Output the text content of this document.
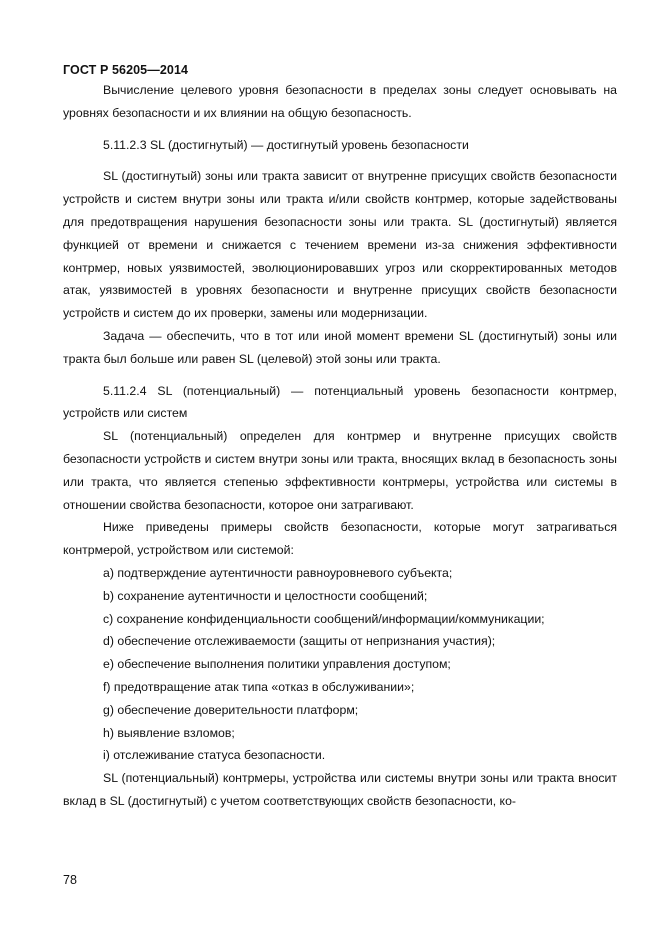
ГОСТ Р 56205—2014

Вычисление целевого уровня безопасности в пределах зоны следует основывать на уровнях безопасности и их влиянии на общую безопасность.

5.11.2.3 SL (достигнутый) — достигнутый уровень безопасности

SL (достигнутый) зоны или тракта зависит от внутренне присущих свойств безопасности устройств и систем внутри зоны или тракта и/или свойств контрмер, которые задействованы для предотвращения нарушения безопасности зоны или тракта. SL (достигнутый) является функцией от времени и снижается с течением времени из-за снижения эффективности контрмер, новых уязвимостей, эволюционировавших угроз или скорректированных методов атак, уязвимостей в уровнях безопасности и внутренне присущих свойств безопасности устройств и систем до их проверки, замены или модернизации.

Задача — обеспечить, что в тот или иной момент времени SL (достигнутый) зоны или тракта был больше или равен SL (целевой) этой зоны или тракта.

5.11.2.4 SL (потенциальный) — потенциальный уровень безопасности контрмер, устройств или систем

SL (потенциальный) определен для контрмер и внутренне присущих свойств безопасности устройств и систем внутри зоны или тракта, вносящих вклад в безопасность зоны или тракта, что является степенью эффективности контрмеры, устройства или системы в отношении свойства безопасности, которое они затрагивают.

Ниже приведены примеры свойств безопасности, которые могут затрагиваться контрмерой, устройством или системой:

a) подтверждение аутентичности равноуровневого субъекта;

b) сохранение аутентичности и целостности сообщений;

c) сохранение конфиденциальности сообщений/информации/коммуникации;

d) обеспечение отслеживаемости (защиты от непризнания участия);

e) обеспечение выполнения политики управления доступом;

f) предотвращение атак типа «отказ в обслуживании»;

g) обеспечение доверительности платформ;

h) выявление взломов;

i) отслеживание статуса безопасности.

SL (потенциальный) контрмеры, устройства или системы внутри зоны или тракта вносит вклад в SL (достигнутый) с учетом соответствующих свойств безопасности, ко-

78
